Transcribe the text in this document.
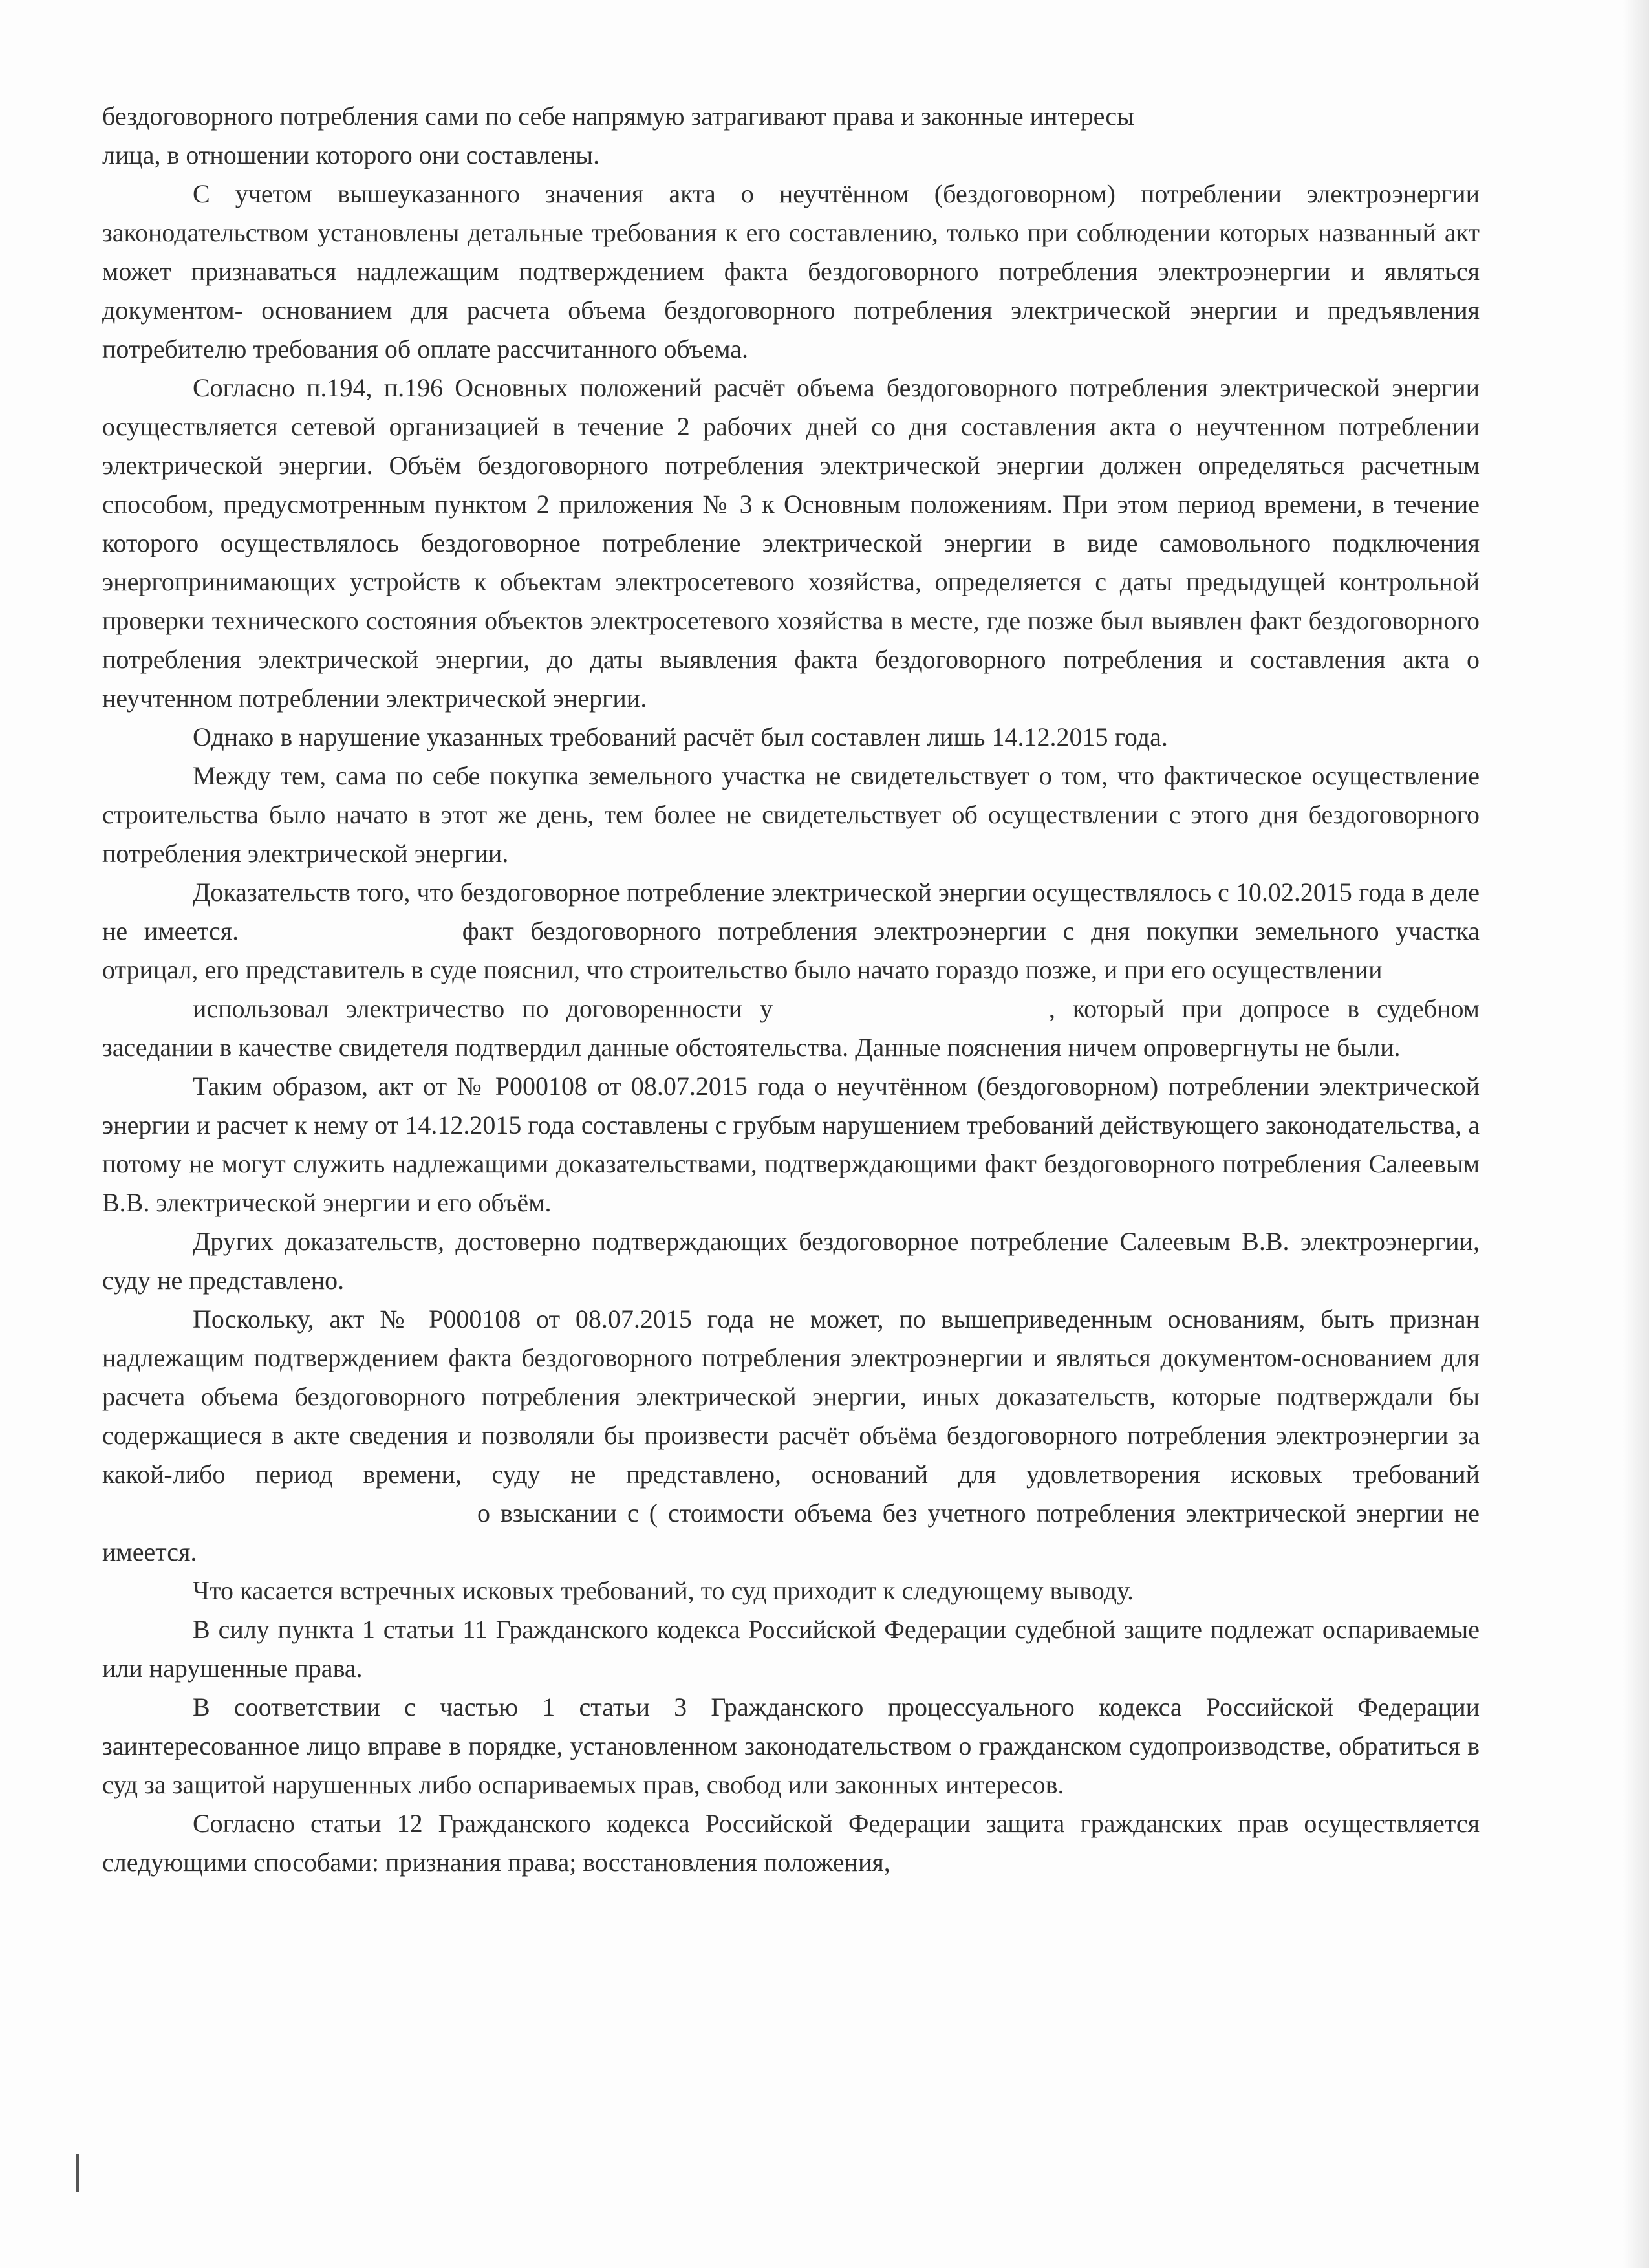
бездоговорного потребления сами по себе напрямую затрагивают права и законные интересы
лица, в отношении которого они составлены.

С учетом вышеуказанного значения акта о неучтённом (бездоговорном) потреблении электроэнергии законодательством установлены детальные требования к его составлению, только при соблюдении которых названный акт может признаваться надлежащим подтверждением факта бездоговорного потребления электроэнергии и являться документом- основанием для расчета объема бездоговорного потребления электрической энергии и предъявления потребителю требования об оплате рассчитанного объема.

Согласно п.194, п.196 Основных положений расчёт объема бездоговорного потребления электрической энергии осуществляется сетевой организацией в течение 2 рабочих дней со дня составления акта о неучтенном потреблении электрической энергии. Объём бездоговорного потребления электрической энергии должен определяться расчетным способом, предусмотренным пунктом 2 приложения № 3 к Основным положениям. При этом период времени, в течение которого осуществлялось бездоговорное потребление электрической энергии в виде самовольного подключения энергопринимающих устройств к объектам электросетевого хозяйства, определяется с даты предыдущей контрольной проверки технического состояния объектов электросетевого хозяйства в месте, где позже был выявлен факт бездоговорного потребления электрической энергии, до даты выявления факта бездоговорного потребления и составления акта о неучтенном потреблении электрической энергии.

Однако в нарушение указанных требований расчёт был составлен лишь 14.12.2015 года.

Между тем, сама по себе покупка земельного участка не свидетельствует о том, что фактическое осуществление строительства было начато в этот же день, тем более не свидетельствует об осуществлении с этого дня бездоговорного потребления электрической энергии.

Доказательств того, что бездоговорное потребление электрической энергии осуществлялось с 10.02.2015 года в деле не имеется.	факт бездоговорного потребления электроэнергии с дня покупки земельного участка отрицал, его представитель в суде пояснил, что строительство было начато гораздо позже, и при его осуществлении

использовал электричество по договоренности у	, который при допросе в судебном заседании в качестве свидетеля подтвердил данные обстоятельства. Данные пояснения ничем опровергнуты не были.

Таким образом, акт от № Р000108 от 08.07.2015 года о неучтённом (бездоговорном) потреблении электрической энергии и расчет к нему от 14.12.2015 года составлены с грубым нарушением требований действующего законодательства, а потому не могут служить надлежащими доказательствами, подтверждающими факт бездоговорного потребления Салеевым В.В. электрической энергии и его объём.

Других доказательств, достоверно подтверждающих бездоговорное потребление Салеевым В.В. электроэнергии, суду не представлено.

Поскольку, акт № Р000108 от 08.07.2015 года не может, по вышеприведенным основаниям, быть признан надлежащим подтверждением факта бездоговорного потребления электроэнергии и являться документом-основанием для расчета объема бездоговорного потребления электрической энергии, иных доказательств, которые подтверждали бы содержащиеся в акте сведения и позволяли бы произвести расчёт объёма бездоговорного потребления электроэнергии за какой-либо период времени, суду не представлено, оснований для удовлетворения исковых требований о взыскании с ( стоимости объема без учетного потребления электрической энергии не имеется.

Что касается встречных исковых требований, то суд приходит к следующему выводу.

В силу пункта 1 статьи 11 Гражданского кодекса Российской Федерации судебной защите подлежат оспариваемые или нарушенные права.

В соответствии с частью 1 статьи 3 Гражданского процессуального кодекса Российской Федерации заинтересованное лицо вправе в порядке, установленном законодательством о гражданском судопроизводстве, обратиться в суд за защитой нарушенных либо оспариваемых прав, свобод или законных интересов.

Согласно статьи 12 Гражданского кодекса Российской Федерации защита гражданских прав осуществляется следующими способами: признания права; восстановления положения,
